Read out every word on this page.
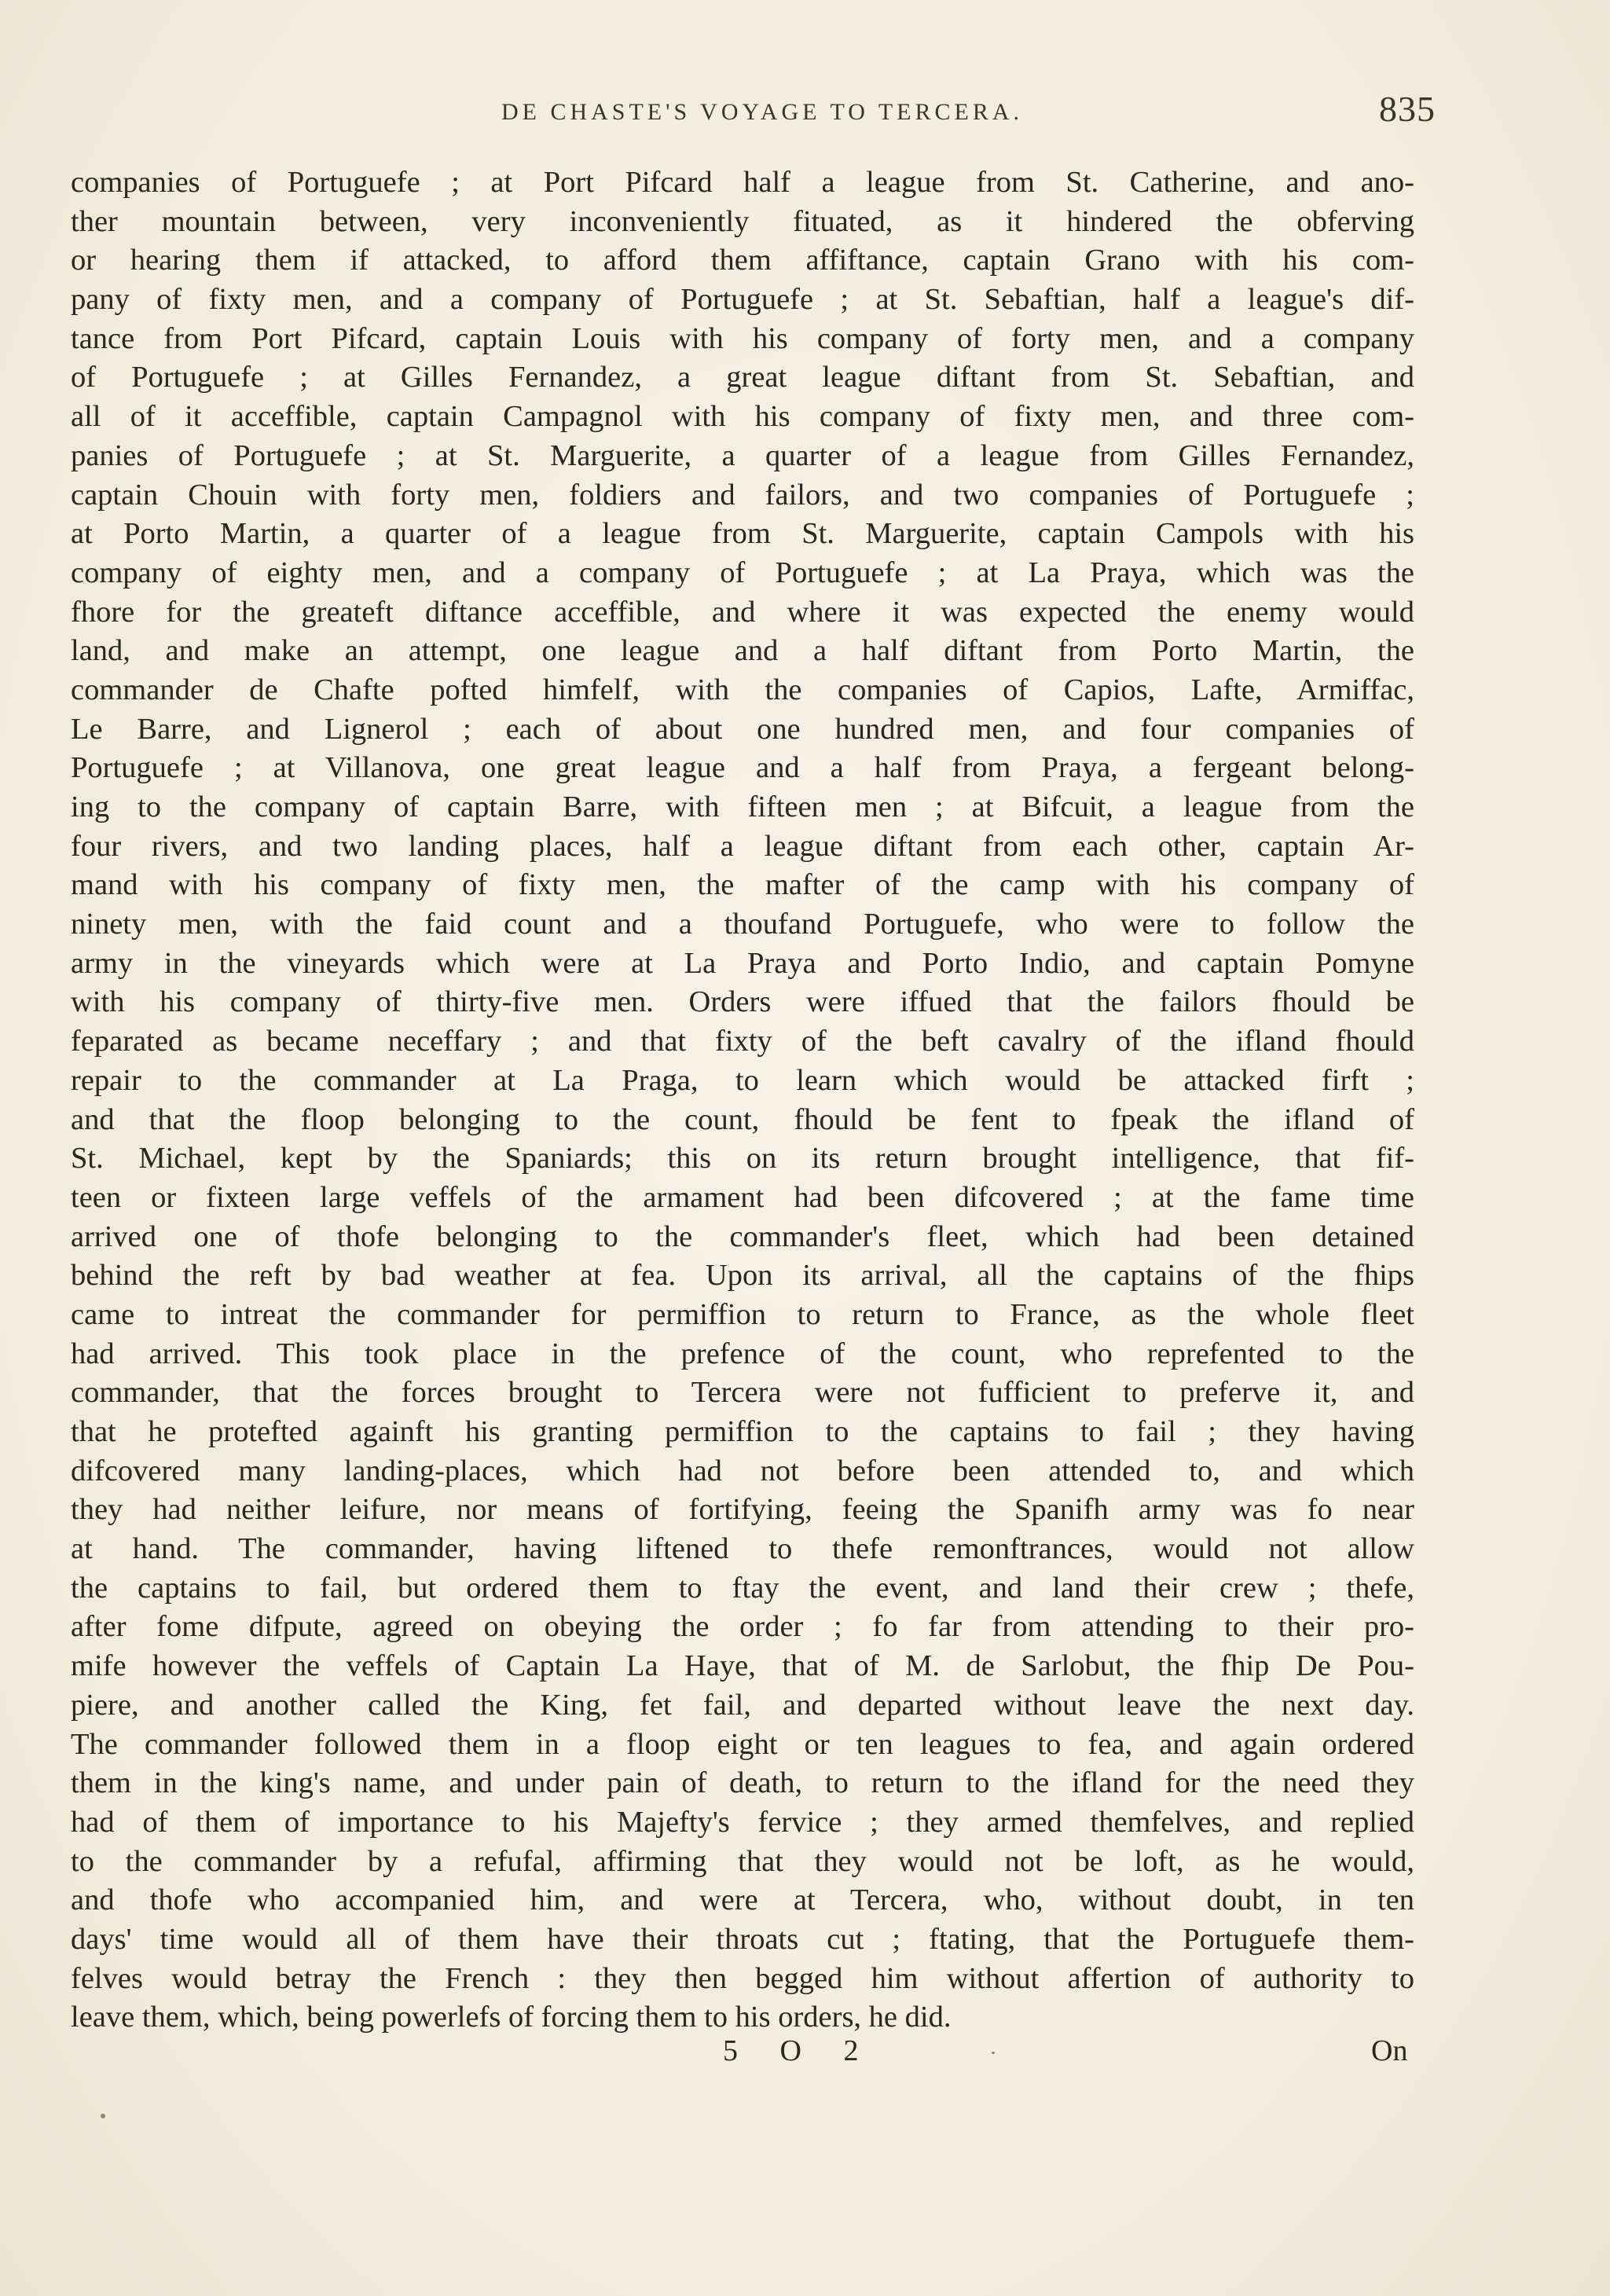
DE CHASTE'S VOYAGE TO TERCERA.	835
companies of Portuguefe ; at Port Pifcard half a league from St. Catherine, and ano-
ther mountain between, very inconveniently fituated, as it hindered the obferving
or hearing them if attacked, to afford them affiftance, captain Grano with his com-
pany of fixty men, and a company of Portuguefe ; at St. Sebaftian, half a league's dif-
tance from Port Pifcard, captain Louis with his company of forty men, and a company
of Portuguefe ; at Gilles Fernandez, a great league diftant from St. Sebaftian, and
all of it acceffible, captain Campagnol with his company of fixty men, and three com-
panies of Portuguefe ; at St. Marguerite, a quarter of a league from Gilles Fernandez,
captain Chouin with forty men, foldiers and failors, and two companies of Portuguefe ;
at Porto Martin, a quarter of a league from St. Marguerite, captain Campols with his
company of eighty men, and a company of Portuguefe ; at La Praya, which was the
fhore for the greateft diftance acceffible, and where it was expected the enemy would
land, and make an attempt, one league and a half diftant from Porto Martin, the
commander de Chafte pofted himfelf, with the companies of Capios, Lafte, Armiffac,
Le Barre, and Lignerol ; each of about one hundred men, and four companies of
Portuguefe ; at Villanova, one great league and a half from Praya, a fergeant belong-
ing to the company of captain Barre, with fifteen men ; at Bifcuit, a league from the
four rivers, and two landing places, half a league diftant from each other, captain Ar-
mand with his company of fixty men, the mafter of the camp with his company of
ninety men, with the faid count and a thoufand Portuguefe, who were to follow the
army in the vineyards which were at La Praya and Porto Indio, and captain Pomyne
with his company of thirty-five men. Orders were iffued that the failors fhould be
feparated as became neceffary ; and that fixty of the beft cavalry of the ifland fhould
repair to the commander at La Praga, to learn which would be attacked firft ;
and that the floop belonging to the count, fhould be fent to fpeak the ifland of
St. Michael, kept by the Spaniards; this on its return brought intelligence, that fif-
teen or fixteen large veffels of the armament had been difcovered ; at the fame time
arrived one of thofe belonging to the commander's fleet, which had been detained
behind the reft by bad weather at fea. Upon its arrival, all the captains of the fhips
came to intreat the commander for permiffion to return to France, as the whole fleet
had arrived. This took place in the prefence of the count, who reprefented to the
commander, that the forces brought to Tercera were not fufficient to preferve it, and
that he protefted againft his granting permiffion to the captains to fail ; they having
difcovered many landing-places, which had not before been attended to, and which
they had neither leifure, nor means of fortifying, feeing the Spanifh army was fo near
at hand. The commander, having liftened to thefe remonftrances, would not allow
the captains to fail, but ordered them to ftay the event, and land their crew ; thefe,
after fome difpute, agreed on obeying the order ; fo far from attending to their pro-
mife however the veffels of Captain La Haye, that of M. de Sarlobut, the fhip De Pou-
piere, and another called the King, fet fail, and departed without leave the next day.
The commander followed them in a floop eight or ten leagues to fea, and again ordered
them in the king's name, and under pain of death, to return to the ifland for the need they
had of them of importance to his Majefty's fervice ; they armed themfelves, and replied
to the commander by a refufal, affirming that they would not be loft, as he would,
and thofe who accompanied him, and were at Tercera, who, without doubt, in ten
days' time would all of them have their throats cut ; ftating, that the Portuguefe them-
felves would betray the French : they then begged him without affertion of authority to
leave them, which, being powerlefs of forcing them to his orders, he did.
5 O 2	On
